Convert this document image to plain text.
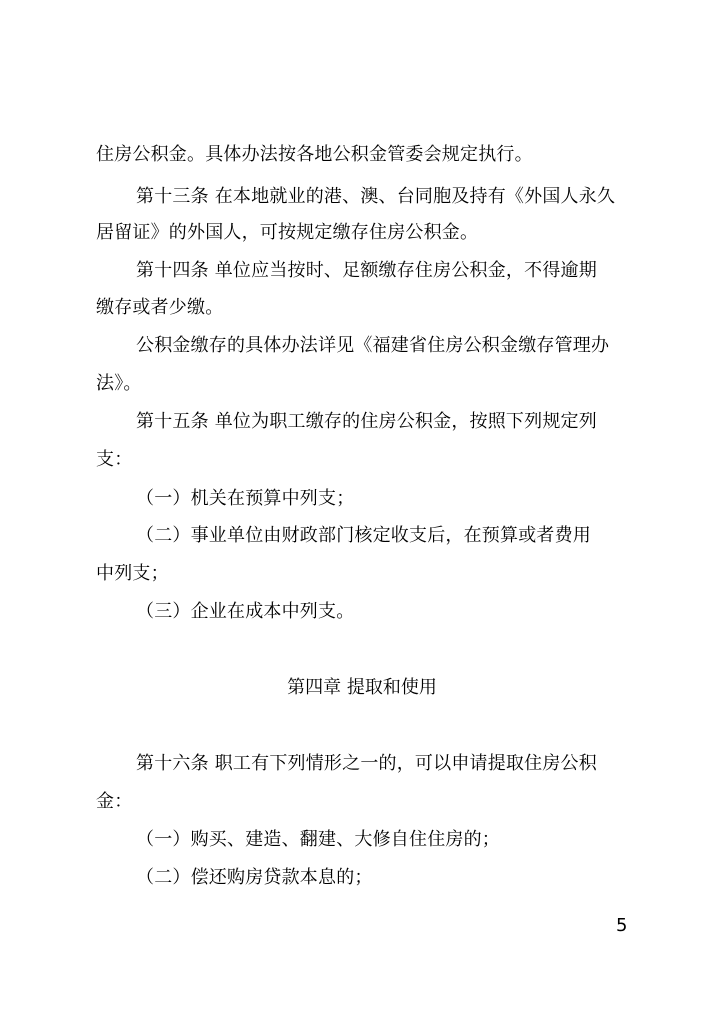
住房公积金。具体办法按各地公积金管委会规定执行。
第十三条 在本地就业的港、澳、台同胞及持有《外国人永久
居留证》的外国人，可按规定缴存住房公积金。
第十四条 单位应当按时、足额缴存住房公积金，不得逾期
缴存或者少缴。
公积金缴存的具体办法详见《福建省住房公积金缴存管理办
法》。
第十五条 单位为职工缴存的住房公积金，按照下列规定列
支：
（一）机关在预算中列支；
（二）事业单位由财政部门核定收支后，在预算或者费用
中列支；
（三）企业在成本中列支。
第四章 提取和使用
第十六条 职工有下列情形之一的，可以申请提取住房公积
金：
（一）购买、建造、翻建、大修自住住房的；
（二）偿还购房贷款本息的；
5
